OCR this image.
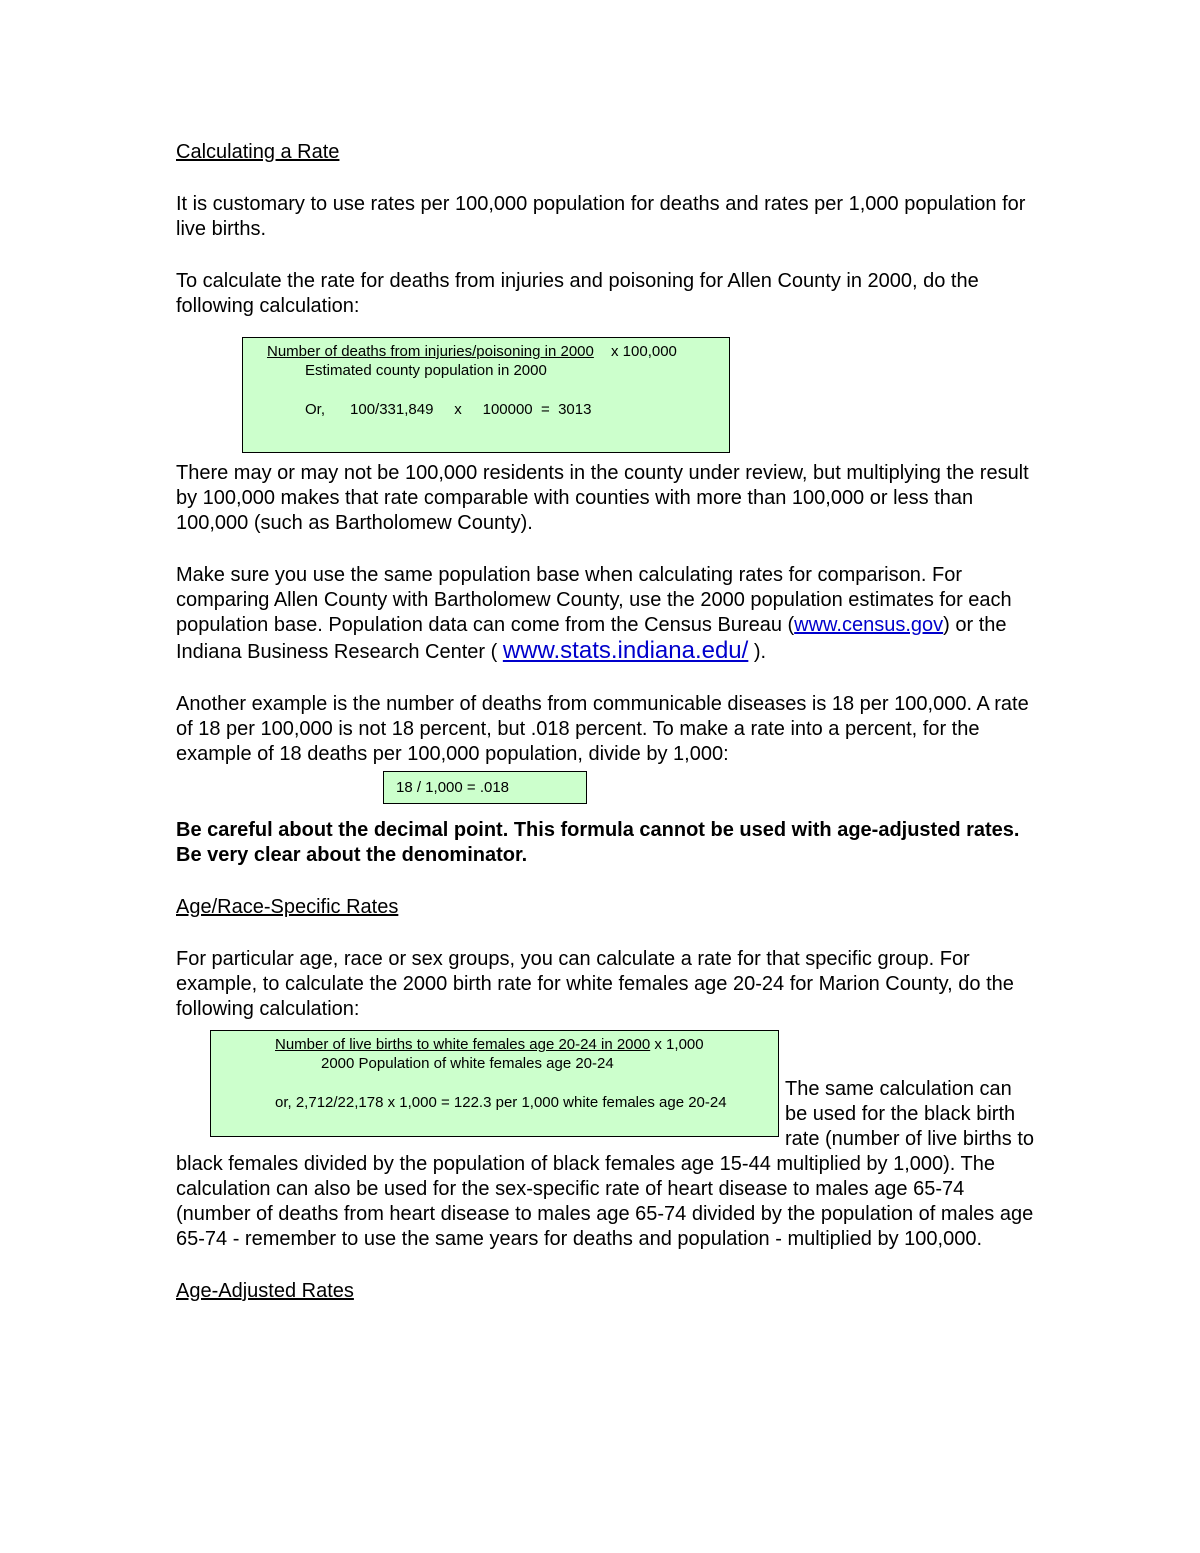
Calculating a Rate

It is customary to use rates per 100,000 population for deaths and rates per 1,000 population for live births.

To calculate the rate for deaths from injuries and poisoning for Allen County in 2000, do the following calculation:

Number of deaths from injuries/poisoning in 2000	x 100,000
Estimated county population in 2000
Or,      100/331,849     x     100000  =  3013

There may or may not be 100,000 residents in the county under review, but multiplying the result by 100,000 makes that rate comparable with counties with more than 100,000 or less than 100,000 (such as Bartholomew County).

Make sure you use the same population base when calculating rates for comparison. For comparing Allen County with Bartholomew County, use the 2000 population estimates for each population base. Population data can come from the Census Bureau (www.census.gov) or the Indiana Business Research Center ( www.stats.indiana.edu/ ).

Another example is the number of deaths from communicable diseases is 18 per 100,000. A rate of 18 per 100,000 is not 18 percent, but .018 percent. To make a rate into a percent, for the example of 18 deaths per 100,000 population, divide by 1,000:

18 / 1,000 = .018

Be careful about the decimal point. This formula cannot be used with age-adjusted rates. Be very clear about the denominator.

Age/Race-Specific Rates

For particular age, race or sex groups, you can calculate a rate for that specific group. For example, to calculate the 2000 birth rate for white females age 20-24 for Marion County, do the following calculation:

Number of live births to white females age 20-24 in 2000 x 1,000
2000 Population of white females age 20-24
or, 2,712/22,178 x 1,000 = 122.3 per 1,000 white females age 20-24

The same calculation can be used for the black birth rate (number of live births to black females divided by the population of black females age 15-44 multiplied by 1,000). The calculation can also be used for the sex-specific rate of heart disease to males age 65-74 (number of deaths from heart disease to males age 65-74 divided by the population of males age 65-74 - remember to use the same years for deaths and population - multiplied by 100,000.

Age-Adjusted Rates
